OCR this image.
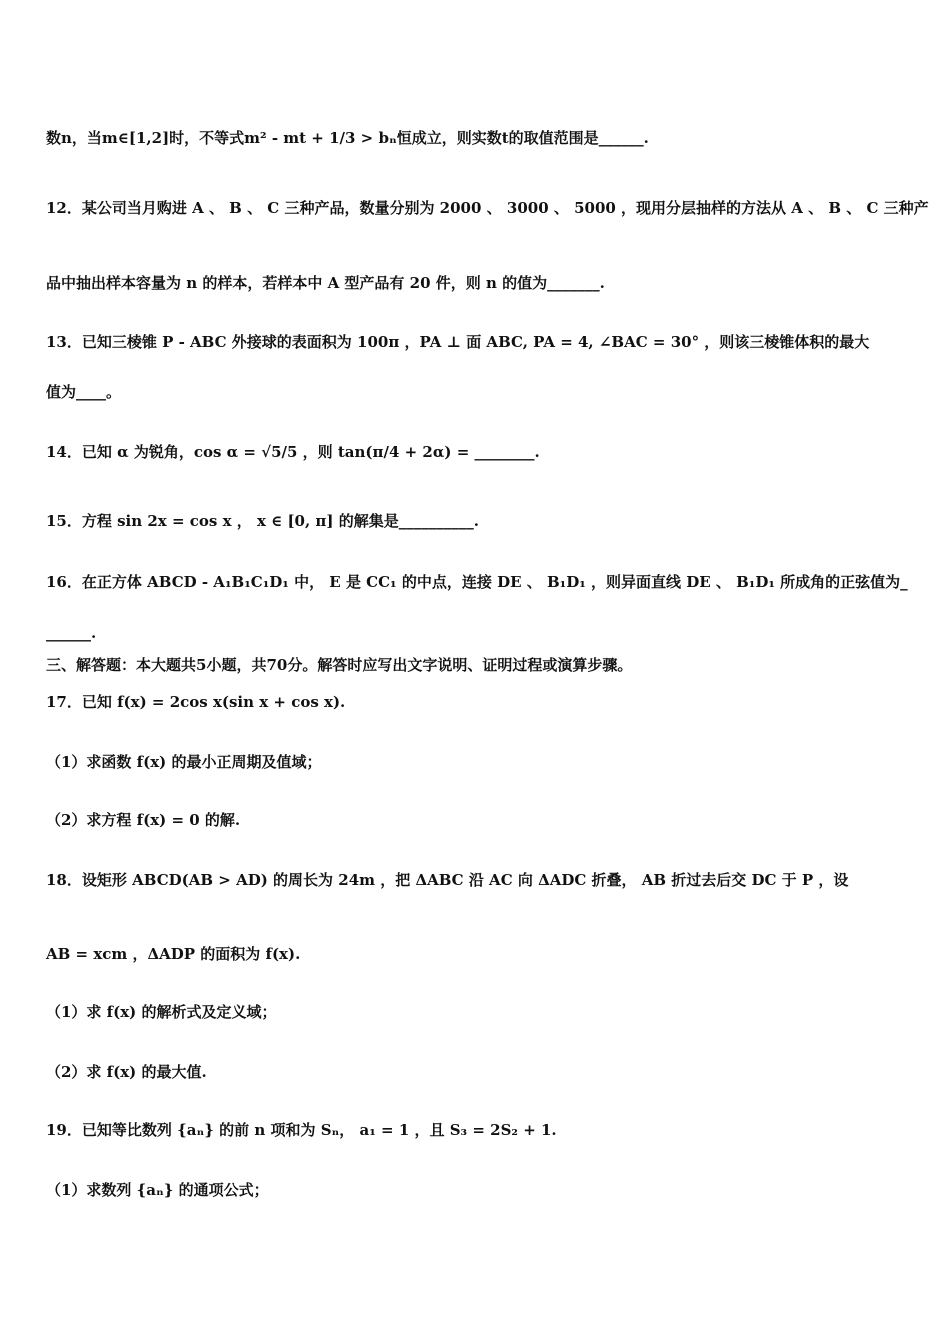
数n，当m∈[1,2]时，不等式m² - mt + 1/3 > bₙ恒成立，则实数t的取值范围是______.
12．某公司当月购进 A 、 B 、 C 三种产品，数量分别为 2000 、 3000 、 5000 ，现用分层抽样的方法从 A 、 B 、 C 三种产
品中抽出样本容量为 n 的样本，若样本中 A 型产品有 20 件，则 n 的值为_______.
13．已知三棱锥 P - ABC 外接球的表面积为 100π ，PA ⊥ 面 ABC, PA = 4, ∠BAC = 30° ，则该三棱锥体积的最大
值为____。
14．已知 α 为锐角，cos α = √5/5 ，则 tan(π/4 + 2α) = ________.
15．方程 sin 2x = cos x ， x ∈ [0, π] 的解集是__________.
16．在正方体 ABCD - A₁B₁C₁D₁ 中， E 是 CC₁ 的中点，连接 DE 、 B₁D₁ ，则异面直线 DE 、 B₁D₁ 所成角的正弦值为_
______.
三、解答题：本大题共5小题，共70分。解答时应写出文字说明、证明过程或演算步骤。
17．已知 f(x) = 2cos x(sin x + cos x).
（1）求函数 f(x) 的最小正周期及值域；
（2）求方程 f(x) = 0 的解.
18．设矩形 ABCD(AB > AD) 的周长为 24m ，把 ΔABC 沿 AC 向 ΔADC 折叠， AB 折过去后交 DC 于 P ，设
AB = xcm ，ΔADP 的面积为 f(x).
（1）求 f(x) 的解析式及定义域；
（2）求 f(x) 的最大值.
19．已知等比数列 {aₙ} 的前 n 项和为 Sₙ， a₁ = 1 ，且 S₃ = 2S₂ + 1.
（1）求数列 {aₙ} 的通项公式；
